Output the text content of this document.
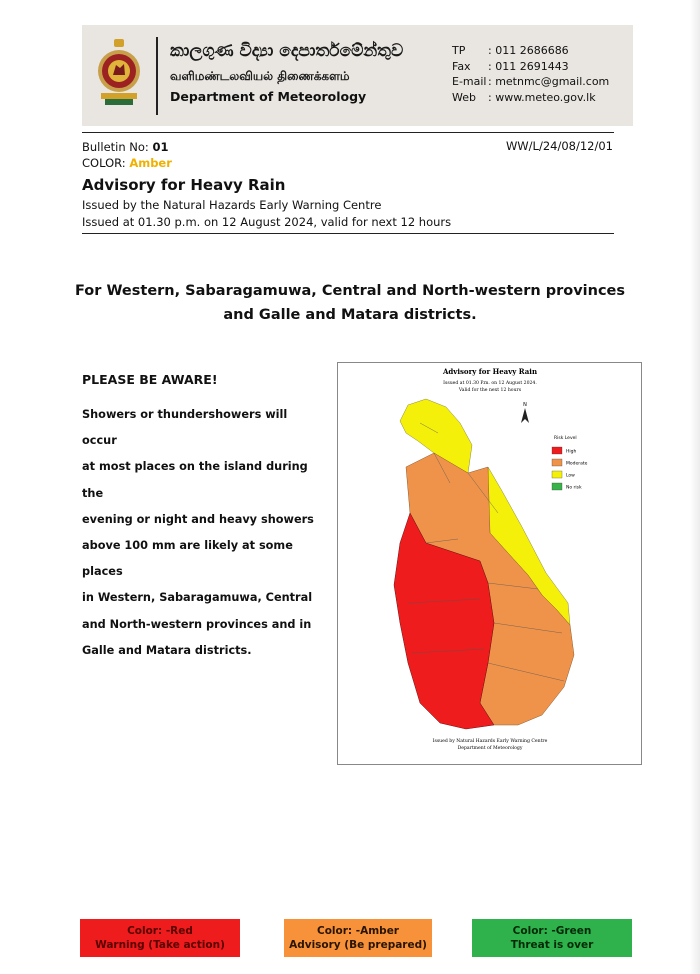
කාලගුණ විද්‍යා දෙපාර්තමේන්තුව
வளிமண்டலவியல் திணைக்களம்
Department of Meteorology
TP : 011 2686686
Fax : 011 2691443
E-mail : metnmc@gmail.com
Web : www.meteo.gov.lk
Bulletin No: 01
COLOR: Amber
WW/L/24/08/12/01
Advisory for Heavy Rain
Issued by the Natural Hazards Early Warning Centre
Issued at 01.30 p.m. on 12 August 2024, valid for next 12 hours
For Western, Sabaragamuwa, Central and North-western provinces
and Galle and Matara districts.
PLEASE BE AWARE!
Showers or thundershowers will occur
at most places on the island during the
evening or night and heavy showers
above 100 mm are likely at some places
in Western, Sabaragamuwa, Central
and North-western provinces and in
Galle and Matara districts.
Advisory for Heavy Rain
Issued at 01.30 P.m. on 12 August 2024.
Valid for the next 12 hours
N
Risk Level
High
Moderate
Low
No risk
Issued by Natural Hazards Early Warning Centre
Department of Meteorology
Color: -Red
Warning (Take action)
Color: -Amber
Advisory (Be prepared)
Color: -Green
Threat is over
